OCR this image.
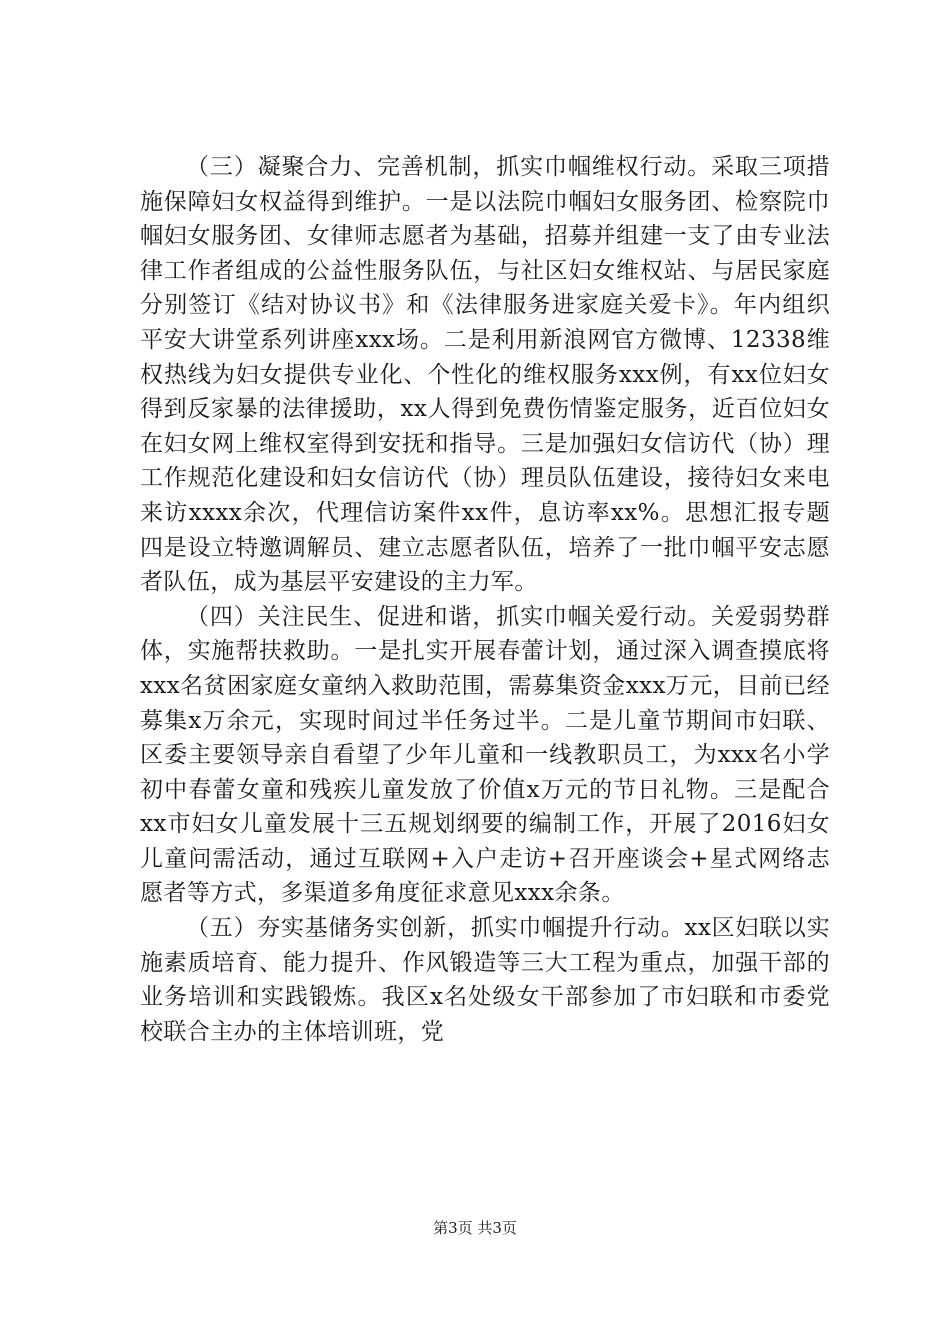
（三）凝聚合力、完善机制，抓实巾帼维权行动。采取三项措施保障妇女权益得到维护。一是以法院巾帼妇女服务团、检察院巾帼妇女服务团、女律师志愿者为基础，招募并组建一支了由专业法律工作者组成的公益性服务队伍，与社区妇女维权站、与居民家庭分别签订《结对协议书》和《法律服务进家庭关爱卡》。年内组织平安大讲堂系列讲座xxx场。二是利用新浪网官方微博、12338维权热线为妇女提供专业化、个性化的维权服务xxx例，有xx位妇女得到反家暴的法律援助，xx人得到免费伤情鉴定服务，近百位妇女在妇女网上维权室得到安抚和指导。三是加强妇女信访代（协）理工作规范化建设和妇女信访代（协）理员队伍建设，接待妇女来电来访xxxx余次，代理信访案件xx件，息访率xx%。思想汇报专题四是设立特邀调解员、建立志愿者队伍，培养了一批巾帼平安志愿者队伍，成为基层平安建设的主力军。

（四）关注民生、促进和谐，抓实巾帼关爱行动。关爱弱势群体，实施帮扶救助。一是扎实开展春蕾计划，通过深入调查摸底将xxx名贫困家庭女童纳入救助范围，需募集资金xxx万元，目前已经募集x万余元，实现时间过半任务过半。二是儿童节期间市妇联、区委主要领导亲自看望了少年儿童和一线教职员工，为xxx名小学初中春蕾女童和残疾儿童发放了价值x万元的节日礼物。三是配合xx市妇女儿童发展十三五规划纲要的编制工作，开展了2016妇女儿童问需活动，通过互联网+入户走访+召开座谈会+星式网络志愿者等方式，多渠道多角度征求意见xxx余条。

（五）夯实基储务实创新，抓实巾帼提升行动。xx区妇联以实施素质培育、能力提升、作风锻造等三大工程为重点，加强干部的业务培训和实践锻炼。我区x名处级女干部参加了市妇联和市委党校联合主办的主体培训班，党

第3页 共3页
